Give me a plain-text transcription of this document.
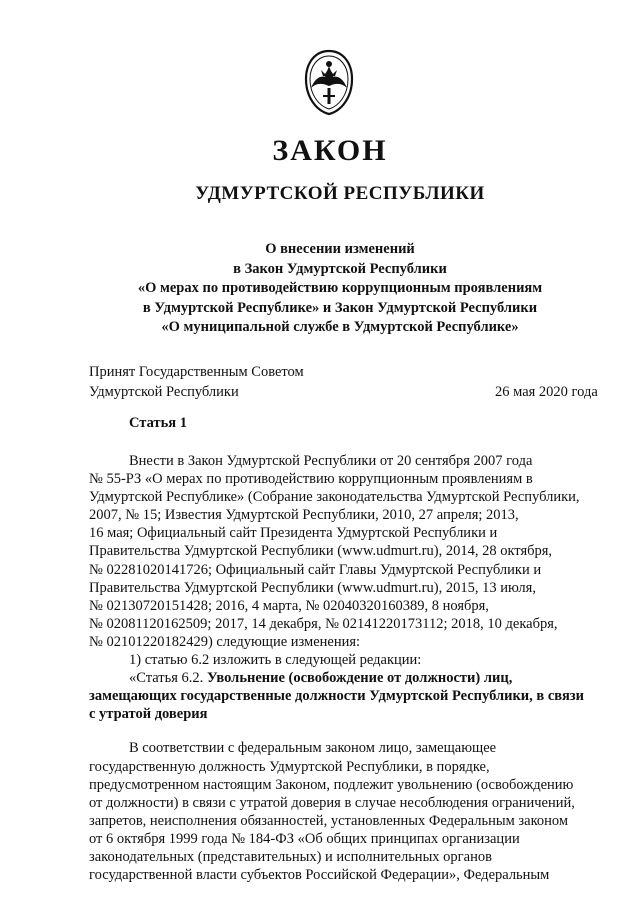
ЗАКОН
УДМУРТСКОЙ РЕСПУБЛИКИ
О внесении изменений
в Закон Удмуртской Республики
«О мерах по противодействию коррупционным проявлениям
в Удмуртской Республике» и Закон Удмуртской Республики
«О муниципальной службе в Удмуртской Республике»
Принят Государственным Советом
Удмуртской Республики	26 мая 2020 года
Статья 1
Внести в Закон Удмуртской Республики от 20 сентября 2007 года
№ 55-РЗ «О мерах по противодействию коррупционным проявлениям в
Удмуртской Республике» (Собрание законодательства Удмуртской Республики,
2007, № 15; Известия Удмуртской Республики, 2010, 27 апреля; 2013,
16 мая; Официальный сайт Президента Удмуртской Республики и
Правительства Удмуртской Республики (www.udmurt.ru), 2014, 28 октября,
№ 02281020141726; Официальный сайт Главы Удмуртской Республики и
Правительства Удмуртской Республики (www.udmurt.ru), 2015, 13 июля,
№ 02130720151428; 2016, 4 марта, № 02040320160389, 8 ноября,
№ 02081120162509; 2017, 14 декабря, № 02141220173112; 2018, 10 декабря,
№ 02101220182429) следующие изменения:
1) статью 6.2 изложить в следующей редакции:
«Статья 6.2. Увольнение (освобождение от должности) лиц,
замещающих государственные должности Удмуртской Республики, в связи
с утратой доверия
В соответствии с федеральным законом лицо, замещающее
государственную должность Удмуртской Республики, в порядке,
предусмотренном настоящим Законом, подлежит увольнению (освобождению
от должности) в связи с утратой доверия в случае несоблюдения ограничений,
запретов, неисполнения обязанностей, установленных Федеральным законом
от 6 октября 1999 года № 184-ФЗ «Об общих принципах организации
законодательных (представительных) и исполнительных органов
государственной власти субъектов Российской Федерации», Федеральным
